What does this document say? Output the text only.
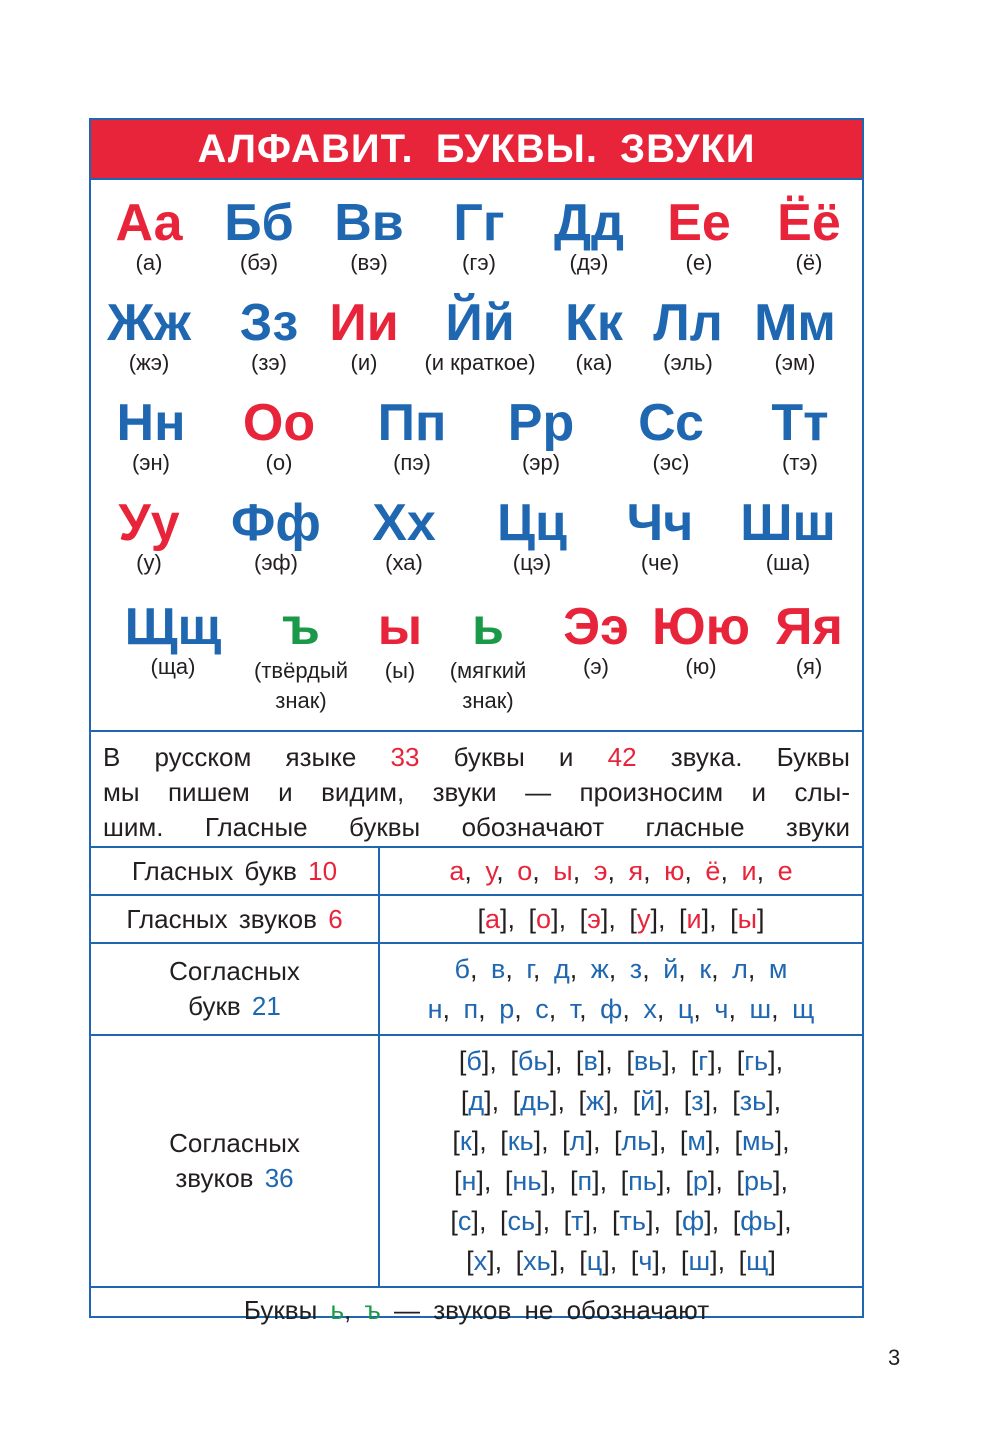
АЛФАВИТ. БУКВЫ. ЗВУКИ
Аа
(а)
Бб
(бэ)
Вв
(вэ)
Гг
(гэ)
Дд
(дэ)
Ее
(е)
Ёё
(ё)
Жж
(жэ)
Зз
(зэ)
Ии
(и)
Йй
(и краткое)
Кк
(ка)
Лл
(эль)
Мм
(эм)
Нн
(эн)
Оо
(о)
Пп
(пэ)
Рр
(эр)
Сс
(эс)
Тт
(тэ)
Уу
(у)
Фф
(эф)
Хх
(ха)
Цц
(цэ)
Чч
(че)
Шш
(ша)
Щщ
(ща)
ъ
(твёрдый знак)
ы
(ы)
ь
(мягкий знак)
Ээ
(э)
Юю
(ю)
Яя
(я)
В русском языке 33 буквы и 42 звука. Буквы
мы пишем и видим, звуки — произносим и слы-
шим. Гласные буквы обозначают гласные звуки
Гласных букв 10	а, у, о, ы, э, я, ю, ё, и, е
Гласных звуков 6	[а], [о], [э], [у], [и], [ы]
Согласных
букв 21
б, в, г, д, ж, з, й, к, л, м
н, п, р, с, т, ф, х, ц, ч, ш, щ
Согласных
звуков 36
[б], [бь], [в], [вь], [г], [гь],
[д], [дь], [ж], [й], [з], [зь],
[к], [кь], [л], [ль], [м], [мь],
[н], [нь], [п], [пь], [р], [рь],
[с], [сь], [т], [ть], [ф], [фь],
[х], [хь], [ц], [ч], [ш], [щ]
Буквы ь, ъ — звуков не обозначают
3
